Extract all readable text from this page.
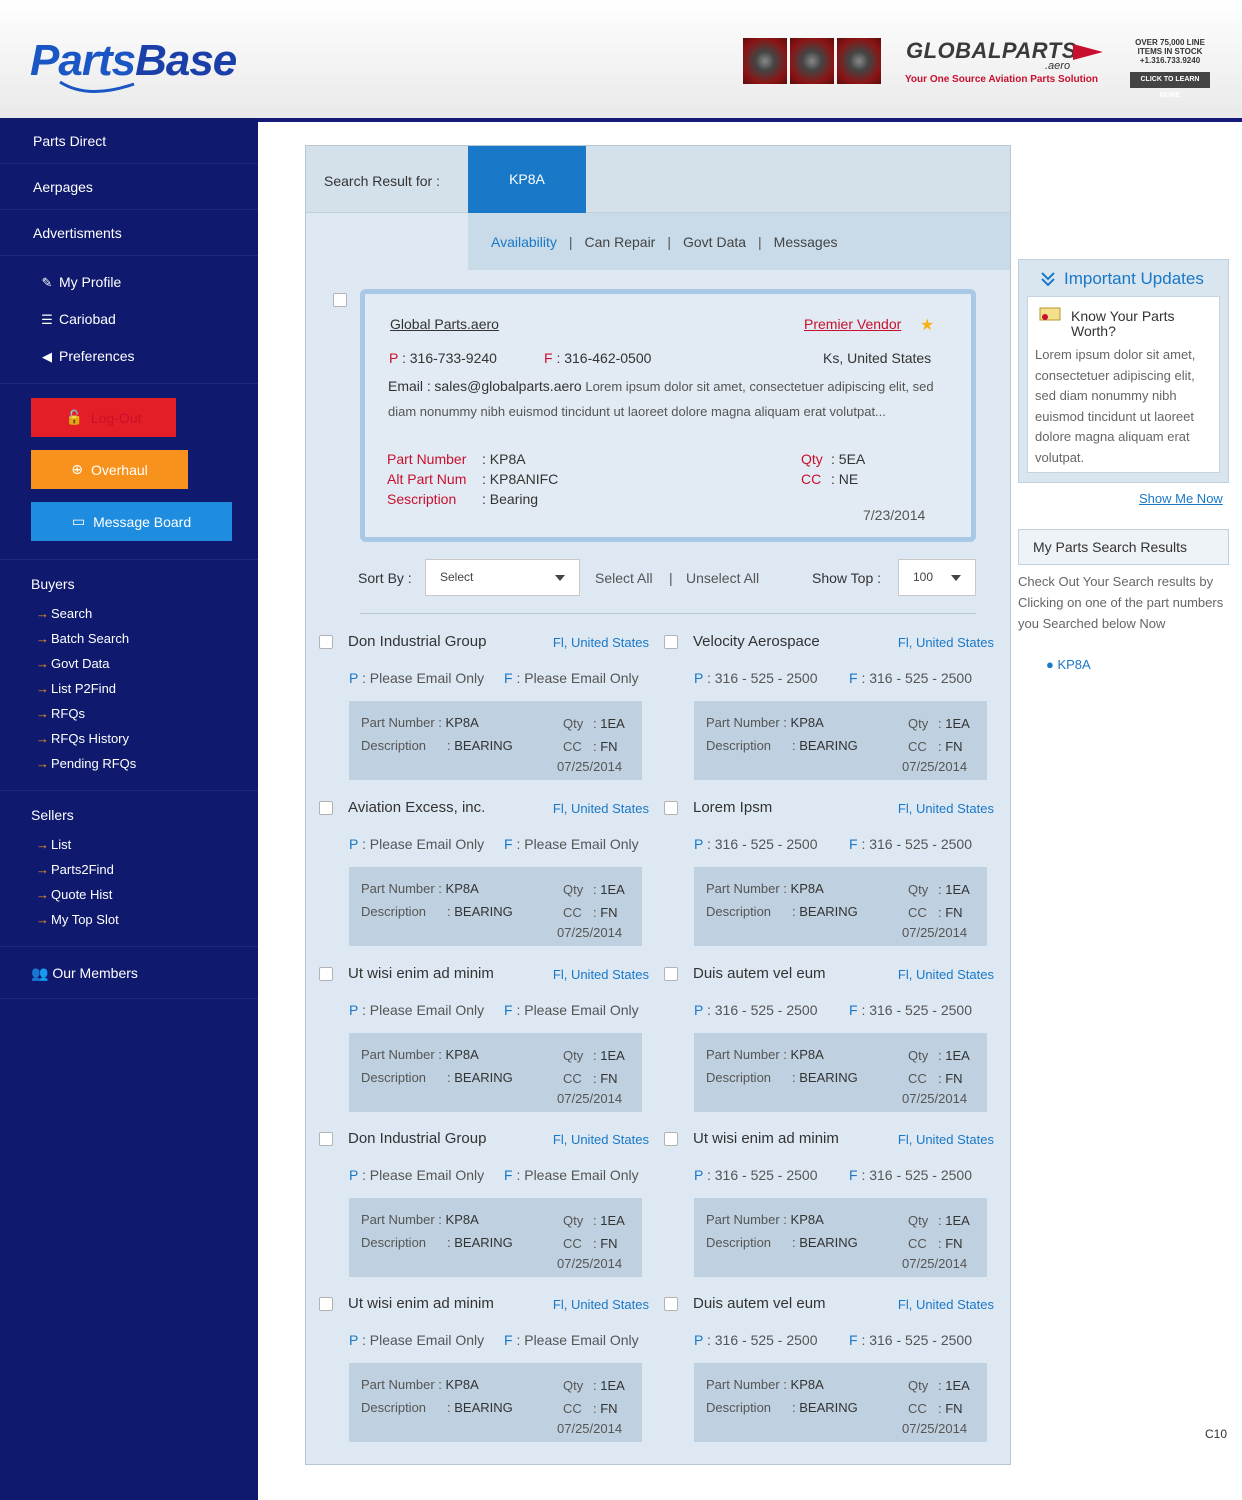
PartsBase	GLOBALPARTS
.aero
Your One Source Aviation Parts Solution
OVER 75,000 LINE ITEMS IN STOCK +1.316.733.9240
CLICK TO LEARN MORE
Parts Direct
Aerpages
Advertisments
✎ My Profile
☰ Cariobad
◀ Preferences
🔓 Log-Out
⊕ Overhaul
▭ Message Board
Buyers
→ Search
→ Batch Search
→ Govt Data
→ List P2Find
→ RFQs
→ RFQs History
→ Pending RFQs
Sellers
→ List
→ Parts2Find
→ Quote Hist
→ My Top Slot
👥 Our Members
Search Result for :	KP8A
Availability | Can Repair | Govt Data | Messages
Global Parts.aero	Premier Vendor ★
P : 316-733-9240	F : 316-462-0500	Ks, United States
Email : sales@globalparts.aero Lorem ipsum dolor sit amet, consectetuer adipiscing elit, sed diam nonummy nibh euismod tincidunt ut laoreet dolore magna aliquam erat volutpat...
Part Number : KP8A
Alt Part Num : KP8ANIFC
Sescription : Bearing
Qty : 5EA
CC : NE
7/23/2014
Sort By :	Select	Select All | Unselect All	Show Top :	100
Don Industrial Group	Fl, United States
P : Please Email Only F : Please Email Only
Part Number : KP8A
Description : BEARING
Qty : 1EA
CC : FN
07/25/2014
Velocity Aerospace	Fl, United States
P : 316 - 525 - 2500 F : 316 - 525 - 2500
Part Number : KP8A
Description : BEARING
Qty : 1EA
CC : FN
07/25/2014
Aviation Excess, inc.	Fl, United States
P : Please Email Only F : Please Email Only
Part Number : KP8A
Description : BEARING
Qty : 1EA
CC : FN
07/25/2014
Lorem Ipsm	Fl, United States
P : 316 - 525 - 2500 F : 316 - 525 - 2500
Part Number : KP8A
Description : BEARING
Qty : 1EA
CC : FN
07/25/2014
Ut wisi enim ad minim	Fl, United States
P : Please Email Only F : Please Email Only
Part Number : KP8A
Description : BEARING
Qty : 1EA
CC : FN
07/25/2014
Duis autem vel eum	Fl, United States
P : 316 - 525 - 2500 F : 316 - 525 - 2500
Part Number : KP8A
Description : BEARING
Qty : 1EA
CC : FN
07/25/2014
Don Industrial Group	Fl, United States
P : Please Email Only F : Please Email Only
Part Number : KP8A
Description : BEARING
Qty : 1EA
CC : FN
07/25/2014
Ut wisi enim ad minim	Fl, United States
P : 316 - 525 - 2500 F : 316 - 525 - 2500
Part Number : KP8A
Description : BEARING
Qty : 1EA
CC : FN
07/25/2014
Ut wisi enim ad minim	Fl, United States
P : Please Email Only F : Please Email Only
Part Number : KP8A
Description : BEARING
Qty : 1EA
CC : FN
07/25/2014
Duis autem vel eum	Fl, United States
P : 316 - 525 - 2500 F : 316 - 525 - 2500
Part Number : KP8A
Description : BEARING
Qty : 1EA
CC : FN
07/25/2014
Important Updates
Know Your Parts Worth?
Lorem ipsum dolor sit amet, consectetuer adipiscing elit, sed diam nonummy nibh euismod tincidunt ut laoreet dolore magna aliquam erat volutpat.
Show Me Now
My Parts Search Results
Check Out Your Search results by Clicking on one of the part numbers you Searched below Now
● KP8A
C10
